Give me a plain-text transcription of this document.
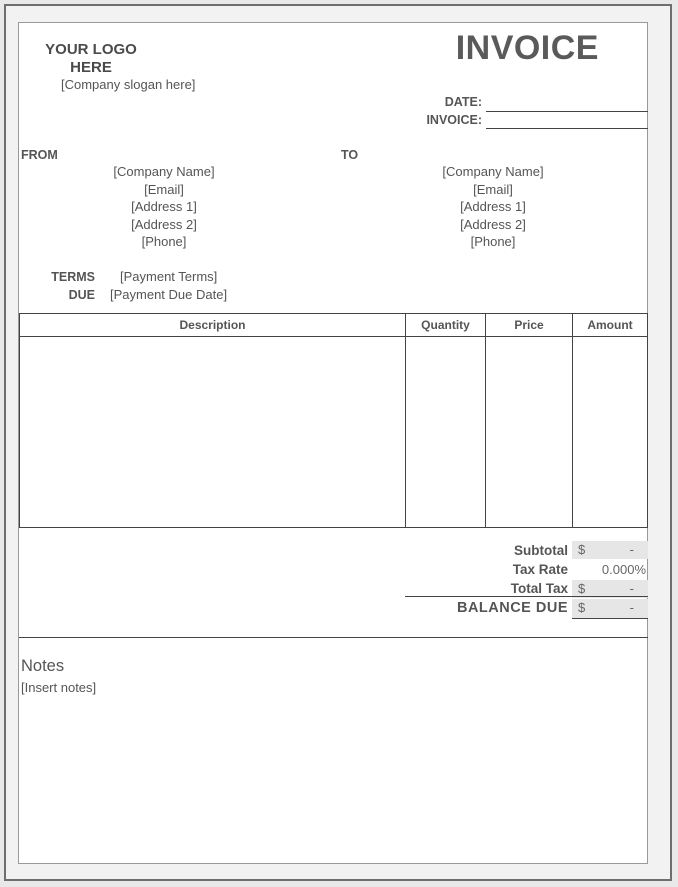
YOUR LOGO HERE
[Company slogan here]
INVOICE
DATE:
INVOICE:
FROM
[Company Name]
[Email]
[Address 1]
[Address 2]
[Phone]
TO
[Company Name]
[Email]
[Address 1]
[Address 2]
[Phone]
TERMS [Payment Terms]
DUE [Payment Due Date]
Description	Quantity	Price	Amount

Subtotal $	-
Tax Rate	0.000%
Total Tax $	-
BALANCE DUE $	-
Notes
[Insert notes]
